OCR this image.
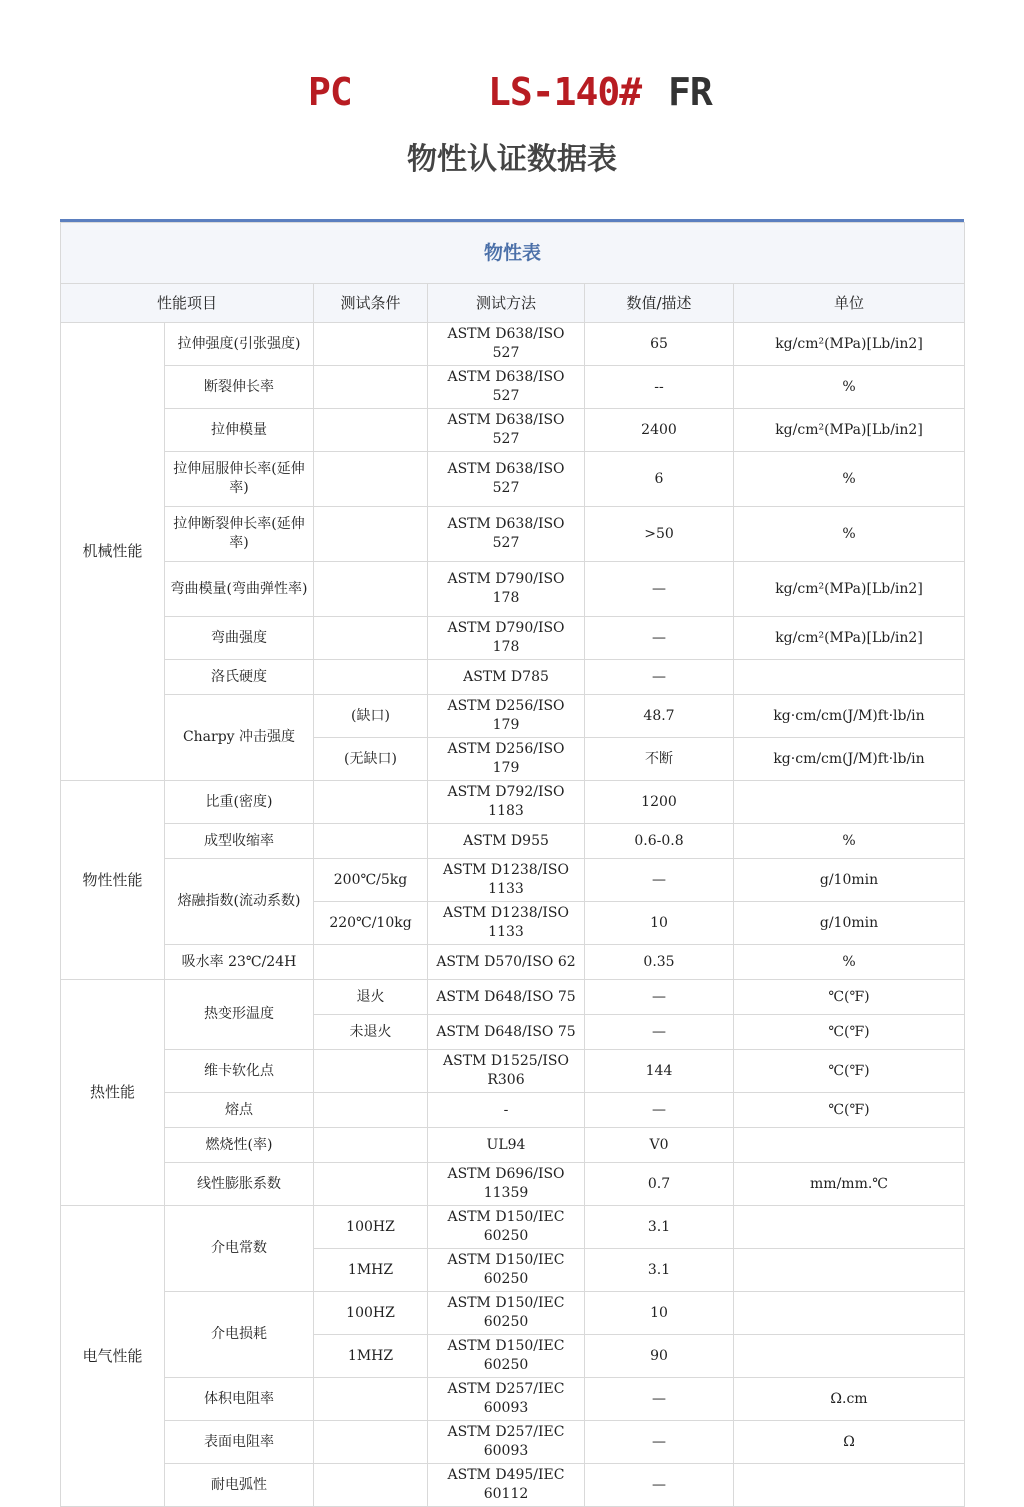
PC	LS-140# FR
物性认证数据表
物性表					
性能项目		测试条件	测试方法	数值/描述	单位
机械性能	拉伸强度(引张强度)		ASTM D638/ISO 527	65	kg/cm²(MPa)[Lb/in2]
	断裂伸长率		ASTM D638/ISO 527	--	%
	拉伸模量		ASTM D638/ISO 527	2400	kg/cm²(MPa)[Lb/in2]
	拉伸屈服伸长率(延伸率)		ASTM D638/ISO 527	6	%
	拉伸断裂伸长率(延伸率)		ASTM D638/ISO 527	>50	%
	弯曲模量(弯曲弹性率)		ASTM D790/ISO 178	—	kg/cm²(MPa)[Lb/in2]
	弯曲强度		ASTM D790/ISO 178	—	kg/cm²(MPa)[Lb/in2]
	洛氏硬度		ASTM D785	—	
	Charpy 冲击强度	(缺口)	ASTM D256/ISO 179	48.7	kg·cm/cm(J/M)ft·lb/in
		(无缺口)	ASTM D256/ISO 179	不断	kg·cm/cm(J/M)ft·lb/in
物性性能	比重(密度)		ASTM D792/ISO 1183	1200	
	成型收缩率		ASTM D955	0.6-0.8	%
	熔融指数(流动系数)	200℃/5kg	ASTM D1238/ISO 1133	—	g/10min
		220℃/10kg	ASTM D1238/ISO 1133	10	g/10min
	吸水率 23℃/24H		ASTM D570/ISO 62	0.35	%
热性能	热变形温度	退火	ASTM D648/ISO 75	—	℃(℉)
		未退火	ASTM D648/ISO 75	—	℃(℉)
	维卡软化点		ASTM D1525/ISO R306	144	℃(℉)
	熔点		-	—	℃(℉)
	燃烧性(率)		UL94	V0	
	线性膨胀系数		ASTM D696/ISO 11359	0.7	mm/mm.℃
电气性能	介电常数	100HZ	ASTM D150/IEC 60250	3.1	
		1MHZ	ASTM D150/IEC 60250	3.1	
	介电损耗	100HZ	ASTM D150/IEC 60250	10	
		1MHZ	ASTM D150/IEC 60250	90	
	体积电阻率		ASTM D257/IEC 60093	—	Ω.cm
	表面电阻率		ASTM D257/IEC 60093	—	Ω
	耐电弧性		ASTM D495/IEC 60112	—	
